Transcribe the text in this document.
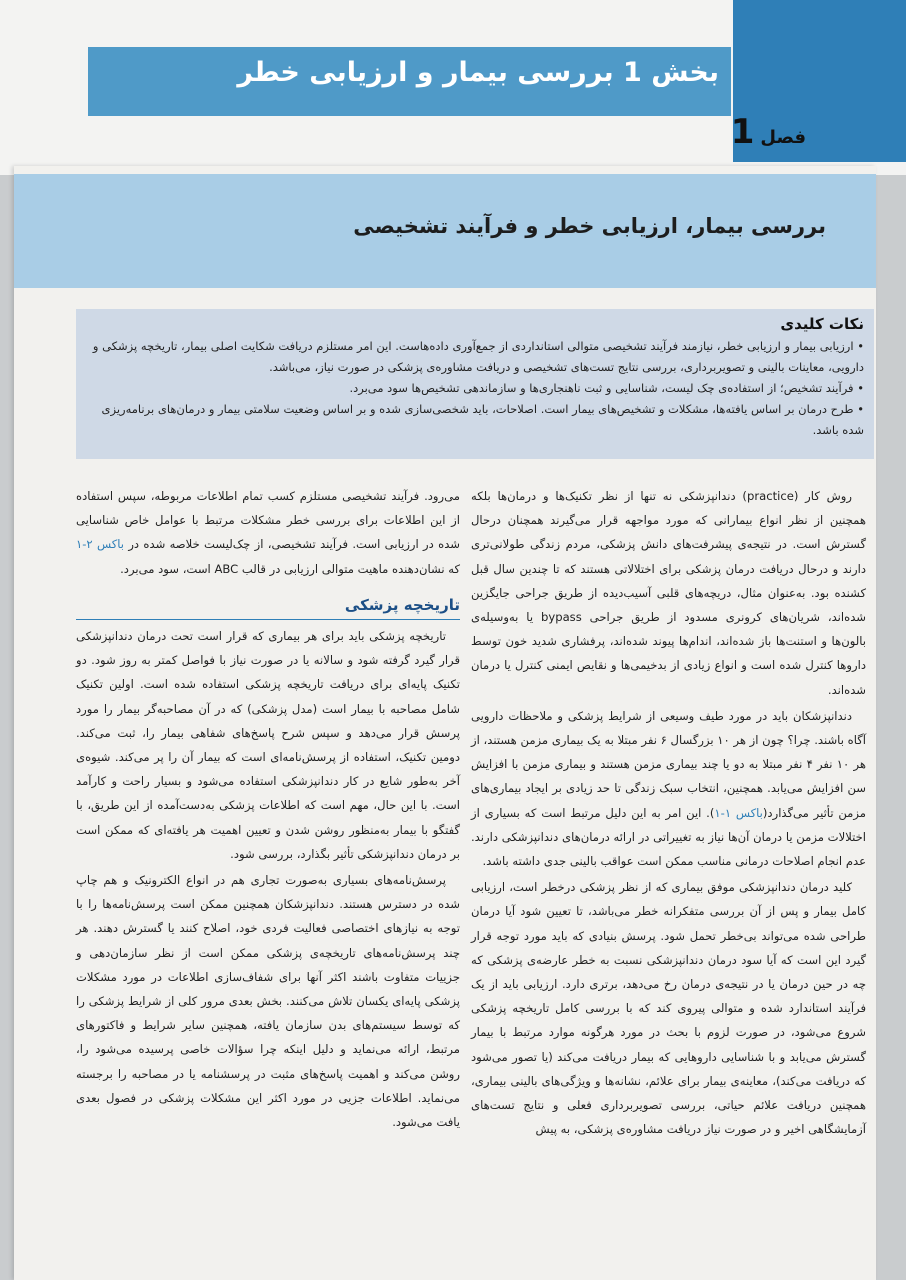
بخش 1 بررسی بیمار و ارزیابی خطر
فصل
1
بررسی بیمار، ارزیابی خطر و فرآیند تشخیصی
نکات کلیدی
• ارزیابی بیمار و ارزیابی خطر، نیازمند فرآیند تشخیصی متوالی استانداردی از جمع‌آوری داده‌هاست. این امر مستلزم دریافت شکایت اصلی بیمار، تاریخچه پزشکی و دارویی، معاینات بالینی و تصویربرداری، بررسی نتایج تست‌های تشخیصی و دریافت مشاوره‌ی پزشکی در صورت نیاز، می‌باشد.
• فرآیند تشخیص؛ از استفاده‌ی چک لیست، شناسایی و ثبت ناهنجاری‌ها و سازماندهی تشخیص‌ها سود می‌برد.
• طرح درمان بر اساس یافته‌ها، مشکلات و تشخیص‌های بیمار است. اصلاحات، باید شخصی‌سازی شده و بر اساس وضعیت سلامتی بیمار و درمان‌های برنامه‌ریزی شده باشد.

روش کار (practice) دندانپزشکی نه تنها از نظر تکنیک‌ها و درمان‌ها بلکه همچنین از نظر انواع بیمارانی که مورد مواجهه قرار می‌گیرند همچنان درحال گسترش است. در نتیجه‌ی پیشرفت‌های دانش پزشکی، مردم زندگی طولانی‌تری دارند و درحال دریافت درمان پزشکی برای اختلالاتی هستند که تا چندین سال قبل کشنده بود. به‌عنوان مثال، دریچه‌های قلبی آسیب‌دیده از طریق جراحی جایگزین شده‌اند، شریان‌های کرونری مسدود از طریق جراحی bypass یا به‌وسیله‌ی بالون‌ها و استنت‌ها باز شده‌اند، اندام‌ها پیوند شده‌اند، پرفشاری شدید خون توسط داروها کنترل شده است و انواع زیادی از بدخیمی‌ها و نقایص ایمنی کنترل یا درمان شده‌اند.

دندانپزشکان باید در مورد طیف وسیعی از شرایط پزشکی و ملاحظات دارویی آگاه باشند. چرا؟ چون از هر ۱۰ بزرگسال ۶ نفر مبتلا به یک بیماری مزمن هستند، از هر ۱۰ نفر ۴ نفر مبتلا به دو یا چند بیماری مزمن هستند و بیماری مزمن با افزایش سن افزایش می‌یابد. همچنین، انتخاب سبک زندگی تا حد زیادی بر ایجاد بیماری‌های مزمن تأثیر می‌گذارد(باکس ۱-۱). این امر به این دلیل مرتبط است که بسیاری از اختلالات مزمن یا درمان آن‌ها نیاز به تغییراتی در ارائه درمان‌های دندانپزشکی دارند. عدم انجام اصلاحات درمانی مناسب ممکن است عواقب بالینی جدی داشته باشد.

کلید درمان دندانپزشکی موفق بیماری که از نظر پزشکی درخطر است، ارزیابی کامل بیمار و پس از آن بررسی متفکرانه خطر می‌باشد، تا تعیین شود آیا درمان طراحی شده می‌تواند بی‌خطر تحمل شود. پرسش بنیادی که باید مورد توجه قرار گیرد این است که آیا سود درمان دندانپزشکی نسبت به خطر عارضه‌ی پزشکی که چه در حین درمان یا در نتیجه‌ی درمان رخ می‌دهد، برتری دارد. ارزیابی باید از یک فرآیند استاندارد شده و متوالی پیروی کند که با بررسی کامل تاریخچه پزشکی شروع می‌شود، در صورت لزوم با بحث در مورد هرگونه موارد مرتبط با بیمار گسترش می‌یابد و با شناسایی داروهایی که بیمار دریافت می‌کند (یا تصور می‌شود که دریافت می‌کند)، معاینه‌ی بیمار برای علائم، نشانه‌ها و ویژگی‌های بالینی بیماری، همچنین دریافت علائم حیاتی، بررسی تصویربرداری فعلی و نتایج تست‌های آزمایشگاهی اخیر و در صورت نیاز دریافت مشاوره‌ی پزشکی، به پیش

می‌رود. فرآیند تشخیصی مستلزم کسب تمام اطلاعات مربوطه، سپس استفاده از این اطلاعات برای بررسی خطر مشکلات مرتبط با عوامل خاص شناسایی شده در ارزیابی است. فرآیند تشخیصی، از چک‌لیست خلاصه شده در باکس ۲-۱ که نشان‌دهنده ماهیت متوالی ارزیابی در قالب ABC است، سود می‌برد.

تاریخچه پزشکی

تاریخچه پزشکی باید برای هر بیماری که قرار است تحت درمان دندانپزشکی قرار گیرد گرفته شود و سالانه یا در صورت نیاز با فواصل کمتر به روز شود. دو تکنیک پایه‌ای برای دریافت تاریخچه پزشکی استفاده شده است. اولین تکنیک شامل مصاحبه با بیمار است (مدل پزشکی) که در آن مصاحبه‌گر بیمار را مورد پرسش قرار می‌دهد و سپس شرح پاسخ‌های شفاهی بیمار را، ثبت می‌کند. دومین تکنیک، استفاده از پرسش‌نامه‌ای است که بیمار آن را پر می‌کند. شیوه‌ی آخر به‌طور شایع در کار دندانپزشکی استفاده می‌شود و بسیار راحت و کارآمد است. با این حال، مهم است که اطلاعات پزشکی به‌دست‌آمده از این طریق، با گفتگو با بیمار به‌منظور روشن شدن و تعیین اهمیت هر یافته‌ای که ممکن است بر درمان دندانپزشکی تأثیر بگذارد، بررسی شود.

پرسش‌نامه‌های بسیاری به‌صورت تجاری هم در انواع الکترونیک و هم چاپ شده در دسترس هستند. دندانپزشکان همچنین ممکن است پرسش‌نامه‌ها را با توجه به نیازهای اختصاصی فعالیت فردی خود، اصلاح کنند یا گسترش دهند. هر چند پرسش‌نامه‌های تاریخچه‌ی پزشکی ممکن است از نظر سازمان‌دهی و جزییات متفاوت باشند اکثر آنها برای شفاف‌سازی اطلاعات در مورد مشکلات پزشکی پایه‌ای یکسان تلاش می‌کنند. بخش بعدی مرور کلی از شرایط پزشکی را که توسط سیستم‌های بدن سازمان یافته، همچنین سایر شرایط و فاکتورهای مرتبط، ارائه می‌نماید و دلیل اینکه چرا سؤالات خاصی پرسیده می‌شود را، روشن می‌کند و اهمیت پاسخ‌های مثبت در پرسشنامه یا در مصاحبه را برجسته می‌نماید. اطلاعات جزیی در مورد اکثر این مشکلات پزشکی در فصول بعدی یافت می‌شود.
